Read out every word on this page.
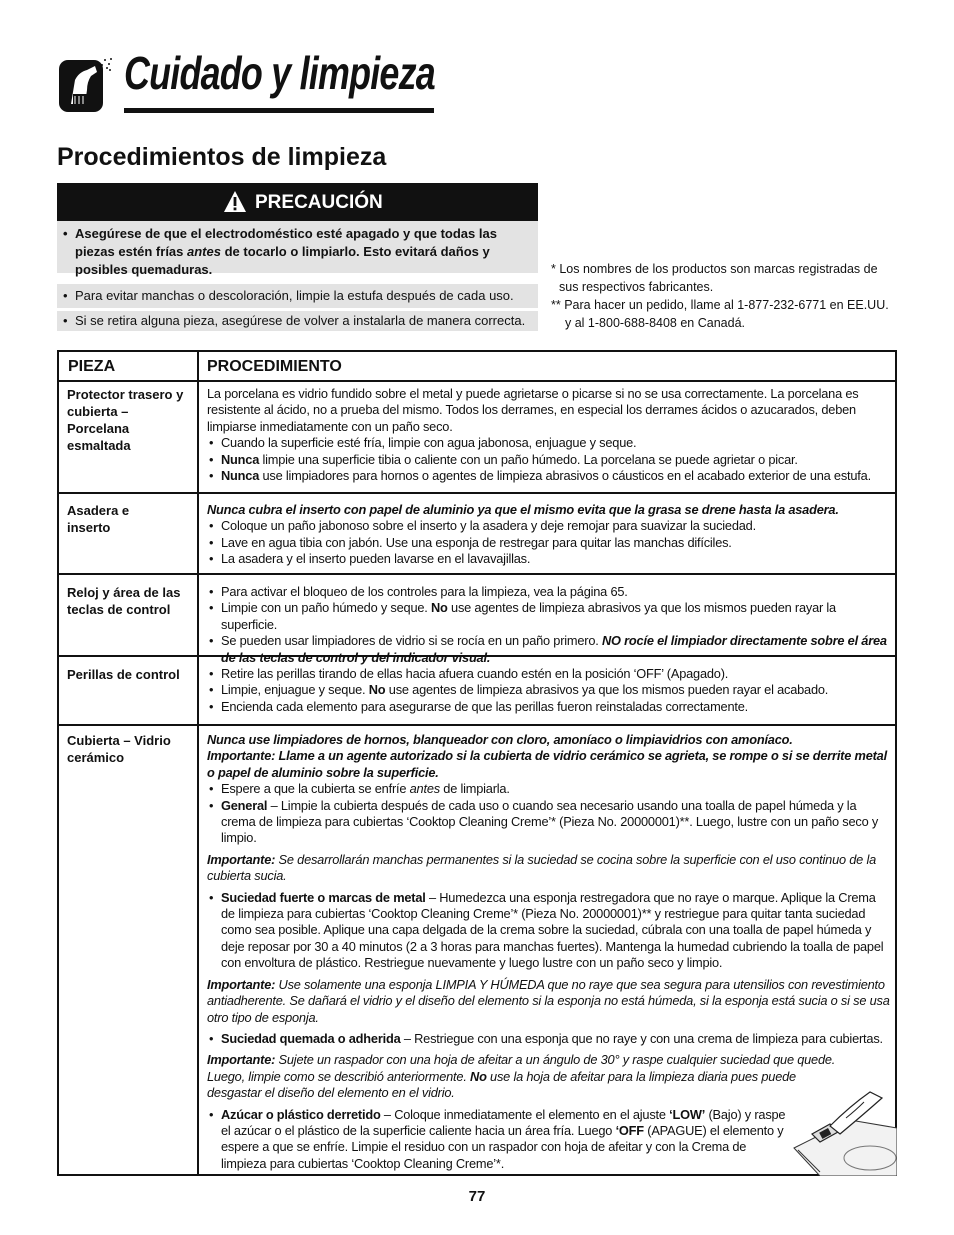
Cuidado y limpieza
Procedimientos de limpieza
PRECAUCIÓN
• Asegúrese de que el electrodoméstico esté apagado y que todas las piezas estén frías antes de tocarlo o limpiarlo. Esto evitará daños y posibles quemaduras.
• Para evitar manchas o descoloración, limpie la estufa después de cada uso.
• Si se retira alguna pieza, asegúrese de volver a instalarla de manera correcta.
* Los nombres de los productos son marcas registradas de
sus respectivos fabricantes.
** Para hacer un pedido, llame al 1-877-232-6771 en EE.UU.
y al 1-800-688-8408 en Canadá.
PIEZA	PROCEDIMIENTO
Protector trasero y cubierta – Porcelana esmaltada

La porcelana es vidrio fundido sobre el metal y puede agrietarse o picarse si no se usa correctamente. La porcelana es resistente al ácido, no a prueba del mismo. Todos los derrames, en especial los derrames ácidos o azucarados, deben limpiarse inmediatamente con un paño seco.

• Cuando la superficie esté fría, limpie con agua jabonosa, enjuague y seque.

• Nunca limpie una superficie tibia o caliente con un paño húmedo. La porcelana se puede agrietar o picar.

• Nunca use limpiadores para hornos o agentes de limpieza abrasivos o cáusticos en el acabado exterior de una estufa.

Asadera e inserto

Nunca cubra el inserto con papel de aluminio ya que el mismo evita que la grasa se drene hasta la asadera.

• Coloque un paño jabonoso sobre el inserto y la asadera y deje remojar para suavizar la suciedad.

• Lave en agua tibia con jabón. Use una esponja de restregar para quitar las manchas difíciles.

• La asadera y el inserto pueden lavarse en el lavavajillas.

Reloj y área de las teclas de control

• Para activar el bloqueo de los controles para la limpieza, vea la página 65.

• Limpie con un paño húmedo y seque. No use agentes de limpieza abrasivos ya que los mismos pueden rayar la superficie.

• Se pueden usar limpiadores de vidrio si se rocía en un paño primero. NO rocíe el limpiador directamente sobre el área de las teclas de control y del indicador visual.

Perillas de control

•	Retire las perillas tirando de ellas hacia afuera cuando estén en la posición ‘OFF’ (Apagado).

• Limpie, enjuague y seque. No use agentes de limpieza abrasivos ya que los mismos pueden rayar el acabado.

• Encienda cada elemento para asegurarse de que las perillas fueron reinstaladas correctamente.

Cubierta – Vidrio cerámico

Nunca use limpiadores de hornos, blanqueador con cloro, amoníaco o limpiavidrios con amoníaco.

Importante: Llame a un agente autorizado si la cubierta de vidrio cerámico se agrieta, se rompe o si se derrite metal o papel de aluminio sobre la superficie.

• Espere a que la cubierta se enfríe antes de limpiarla.

• General – Limpie la cubierta después de cada uso o cuando sea necesario usando una toalla de papel húmeda y la crema de limpieza para cubiertas ‘Cooktop Cleaning Creme’* (Pieza No. 20000001)**. Luego, lustre con un paño seco y limpio.

Importante: Se desarrollarán manchas permanentes si la suciedad se cocina sobre la superficie con el uso continuo de la cubierta sucia.

• Suciedad fuerte o marcas de metal – Humedezca una esponja restregadora que no raye o marque. Aplique la Crema de limpieza para cubiertas ‘Cooktop Cleaning Creme’* (Pieza No. 20000001)** y restriegue para quitar tanta suciedad como sea posible. Aplique una capa delgada de la crema sobre la suciedad, cúbrala con una toalla de papel húmeda y deje reposar por 30 a 40 minutos (2 a 3 horas para manchas fuertes). Mantenga la humedad cubriendo la toalla de papel con envoltura de plástico. Restriegue nuevamente y luego lustre con un paño seco y limpio.

Importante: Use solamente una esponja LIMPIA Y HÚMEDA que no raye que sea segura para utensilios con revestimiento antiadherente. Se dañará el vidrio y el diseño del elemento si la esponja no está húmeda, si la esponja está sucia o si se usa otro tipo de esponja.

• Suciedad quemada o adherida – Restriegue con una esponja que no raye y con una crema de limpieza para cubiertas.

Importante: Sujete un raspador con una hoja de afeitar a un ángulo de 30° y raspe cualquier suciedad que quede. Luego, limpie como se describió anteriormente. No use la hoja de afeitar para la limpieza diaria pues puede desgastar el diseño del elemento en el vidrio.

• Azúcar o plástico derretido – Coloque inmediatamente el elemento en el ajuste ‘LOW’ (Bajo) y raspe el azúcar o el plástico de la superficie caliente hacia un área fría. Luego ‘OFF (APAGUE) el elemento y espere a que se enfríe. Limpie el residuo con un raspador con hoja de afeitar y con la Crema de limpieza para cubiertas ‘Cooktop Cleaning Creme’*.

77
